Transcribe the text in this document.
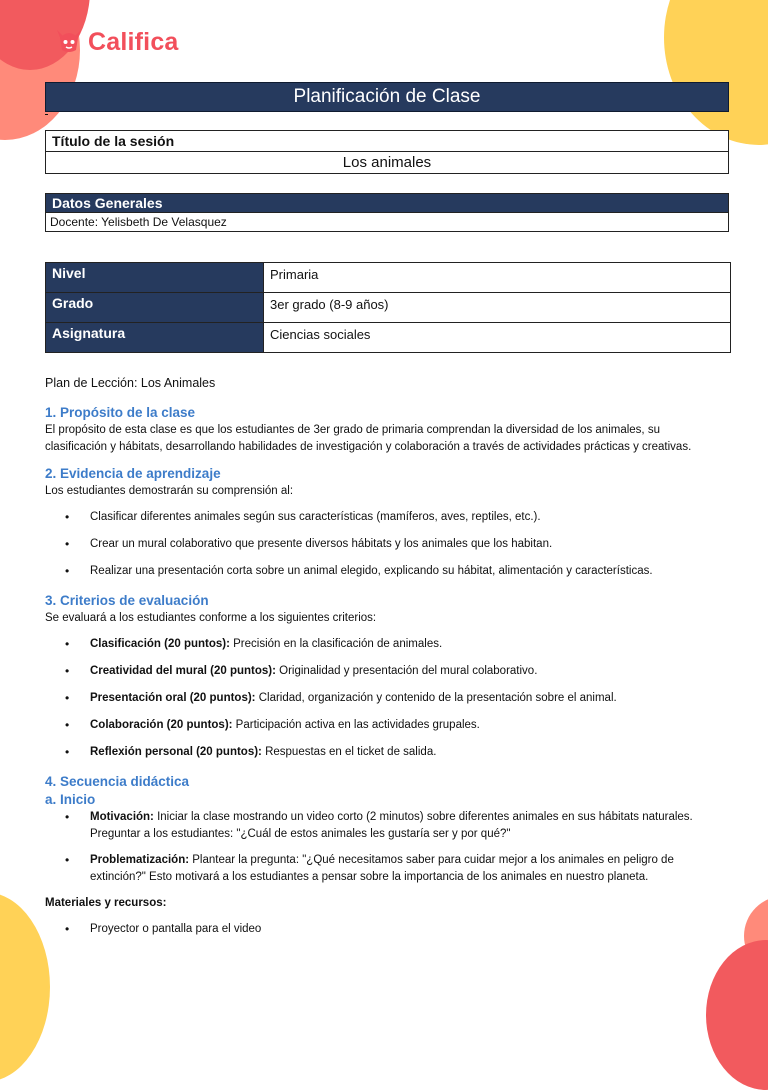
Califica
Planificación de Clase
Título de la sesión
Los animales
Datos Generales
Docente: Yelisbeth De Velasquez
Nivel	Primaria
Grado	3er grado (8-9 años)
Asignatura	Ciencias sociales

Plan de Lección: Los Animales

1. Propósito de la clase

El propósito de esta clase es que los estudiantes de 3er grado de primaria comprendan la diversidad de los animales, su clasificación y hábitats, desarrollando habilidades de investigación y colaboración a través de actividades prácticas y creativas.

2. Evidencia de aprendizaje

Los estudiantes demostrarán su comprensión al:

• Clasificar diferentes animales según sus características (mamíferos, aves, reptiles, etc.).
• Crear un mural colaborativo que presente diversos hábitats y los animales que los habitan.
• Realizar una presentación corta sobre un animal elegido, explicando su hábitat, alimentación y características.
3. Criterios de evaluación

Se evaluará a los estudiantes conforme a los siguientes criterios:

• Clasificación (20 puntos): Precisión en la clasificación de animales.
• Creatividad del mural (20 puntos): Originalidad y presentación del mural colaborativo.
• Presentación oral (20 puntos): Claridad, organización y contenido de la presentación sobre el animal.
• Colaboración (20 puntos): Participación activa en las actividades grupales.
• Reflexión personal (20 puntos): Respuestas en el ticket de salida.
4. Secuencia didáctica
a. Inicio
• Motivación: Iniciar la clase mostrando un video corto (2 minutos) sobre diferentes animales en sus hábitats naturales. Preguntar a los estudiantes: "¿Cuál de estos animales les gustaría ser y por qué?"
• Problematización: Plantear la pregunta: "¿Qué necesitamos saber para cuidar mejor a los animales en peligro de extinción?" Esto motivará a los estudiantes a pensar sobre la importancia de los animales en nuestro planeta.

Materiales y recursos:

• Proyector o pantalla para el video
